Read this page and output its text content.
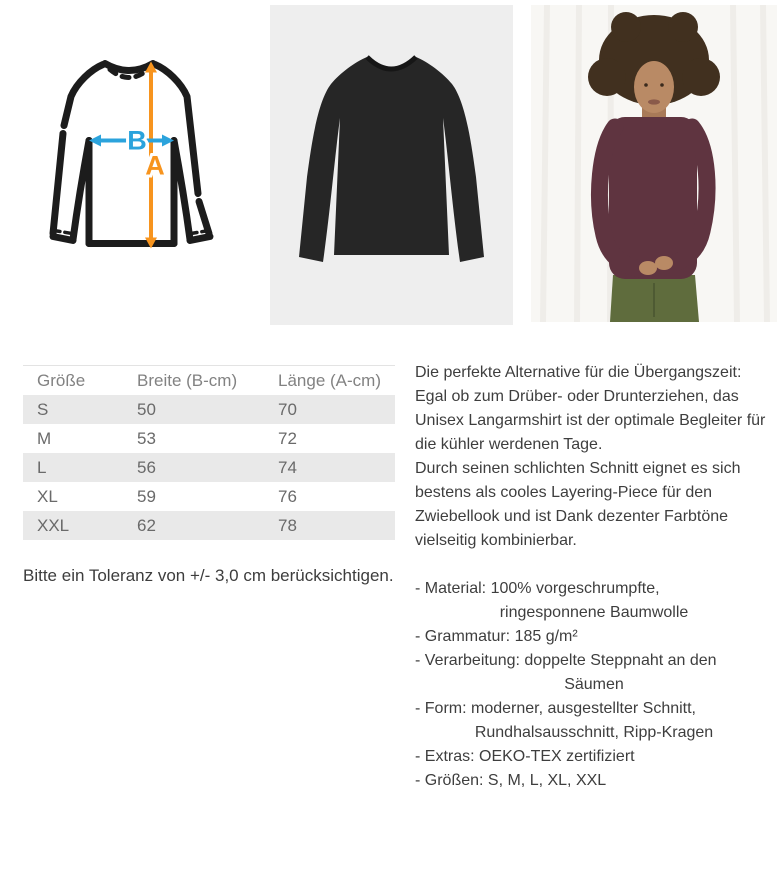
B
A
Größe	Breite (B-cm)	Länge (A-cm)
S	50	70
M	53	72
L	56	74
XL	59	76
XXL	62	78
Bitte ein Toleranz von +/- 3,0 cm berücksichtigen.
Die perfekte Alternative für die Übergangszeit: Egal ob zum Drüber- oder Drunterziehen, das Unisex Langarmshirt ist der optimale Begleiter für die kühler werdenen Tage.
Durch seinen schlichten Schnitt eignet es sich bestens als cooles Layering-Piece für den Zwiebellook und ist Dank dezenter Farbtöne vielseitig kombinierbar.
- Material: 100% vorgeschrumpfte,
ringesponnene Baumwolle
- Grammatur: 185 g/m²
- Verarbeitung: doppelte Steppnaht an den
Säumen
- Form: moderner, ausgestellter Schnitt,
Rundhalsausschnitt, Ripp-Kragen
- Extras: OEKO-TEX zertifiziert
- Größen: S, M, L, XL, XXL
